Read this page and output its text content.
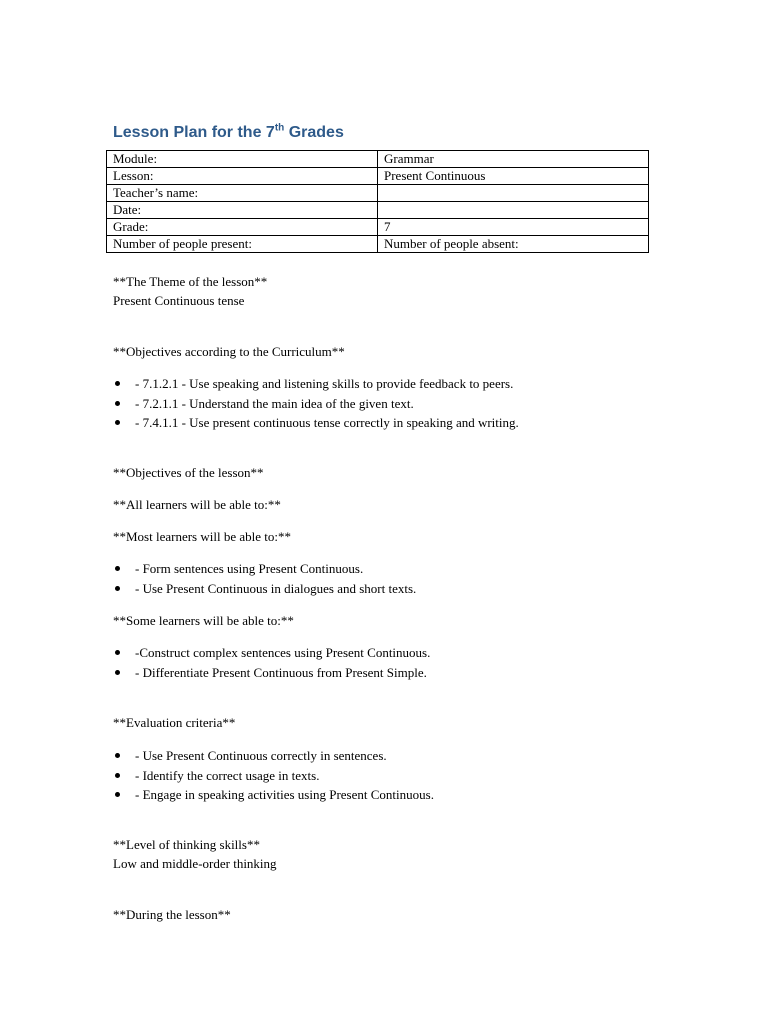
Lesson Plan for the 7th Grades
Module:	Grammar
Lesson:	Present Continuous
Teacher’s name:	
Date:	
Grade:	7
Number of people present:	Number of people absent:
**The Theme of the lesson**
Present Continuous tense
**Objectives according to the Curriculum**
- 7.1.2.1 - Use speaking and listening skills to provide feedback to peers.
- 7.2.1.1 - Understand the main idea of the given text.
- 7.4.1.1 - Use present continuous tense correctly in speaking and writing.
**Objectives of the lesson**
**All learners will be able to:**
**Most learners will be able to:**
- Form sentences using Present Continuous.
- Use Present Continuous in dialogues and short texts.
**Some learners will be able to:**
-Construct complex sentences using Present Continuous.
- Differentiate Present Continuous from Present Simple.
**Evaluation criteria**
- Use Present Continuous correctly in sentences.
- Identify the correct usage in texts.
- Engage in speaking activities using Present Continuous.
**Level of thinking skills**
Low and middle-order thinking
**During the lesson**
